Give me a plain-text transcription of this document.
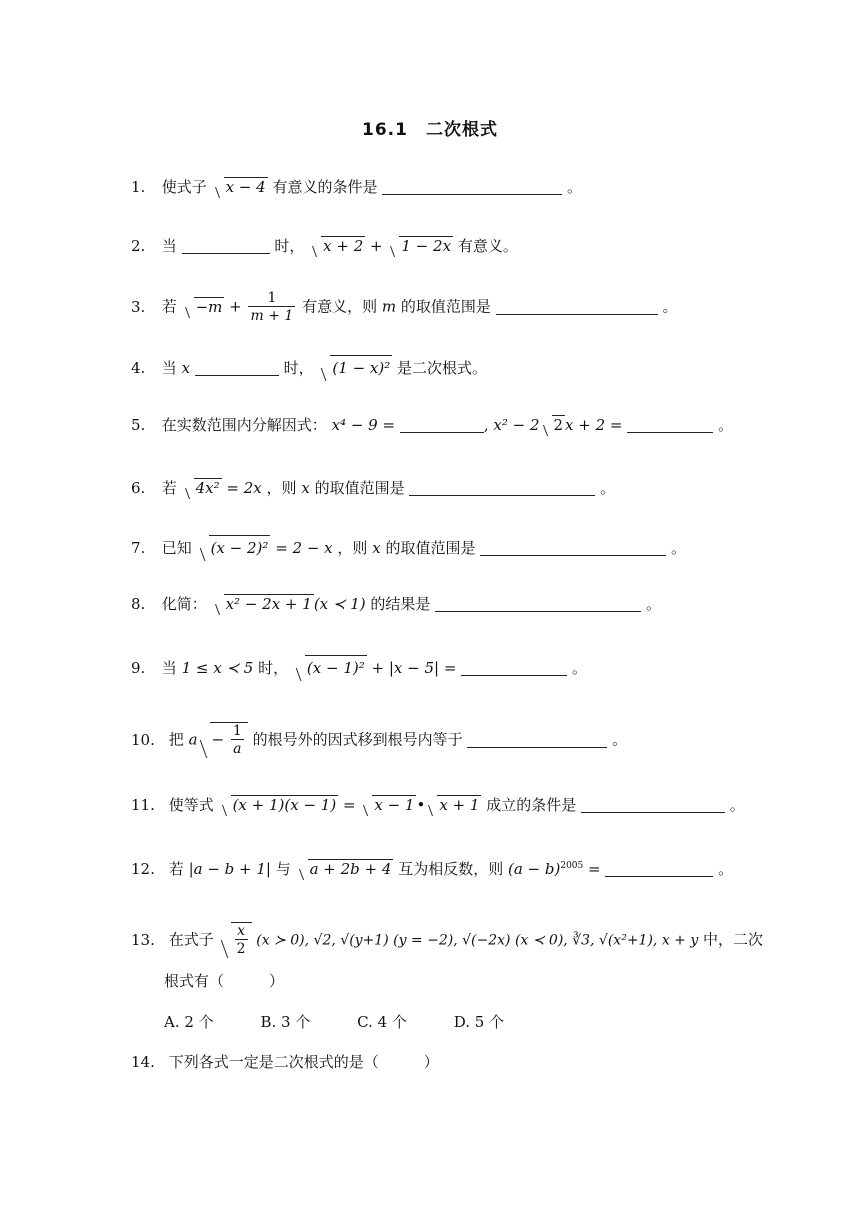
16.1　二次根式
1. 使式子 x − 4 有意义的条件是	。
2. 当	时， x + 2 + 1 − 2x 有意义。
3. 若 $-m + \frac{1}{m + 1}$ 有意义，则 m 的取值范围是	。
4. 当 x	时， (1 − x)² 是二次根式。
5. 在实数范围内分解因式： x⁴ − 9 =	, x² − 2 2 x + 2 =	。
6. 若 4x² = 2x ，则 x 的取值范围是	。
7. 已知 (x − 2)² = 2 − x ，则 x 的取值范围是	。
8. 化简： x² − 2x + 1 (x ≺ 1) 的结果是	。
9. 当 1 ≤ x ≺ 5 时， (x − 1)² + |x − 5| =	。
10. 把 $a - \frac{1}{a}$ 的根号外的因式移到根号内等于	。
11. 使等式 (x + 1)(x − 1) = x − 1 • x + 1 成立的条件是	。
12. 若 |a − b + 1| 与 a + 2b + 4 互为相反数，则 $(a - b)^{2005}$ =	。
13. 在式子 $\frac{x}{2} (x$ ≻ 0), √2, √(y+1) (y = −2), √(−2x) (x ≺ 0), ∛3, √(x²+1), x + y 中，二次
根式有（　　　）
A. 2 个	B. 3 个	C. 4 个	D. 5 个
14. 下列各式一定是二次根式的是（　　　）
